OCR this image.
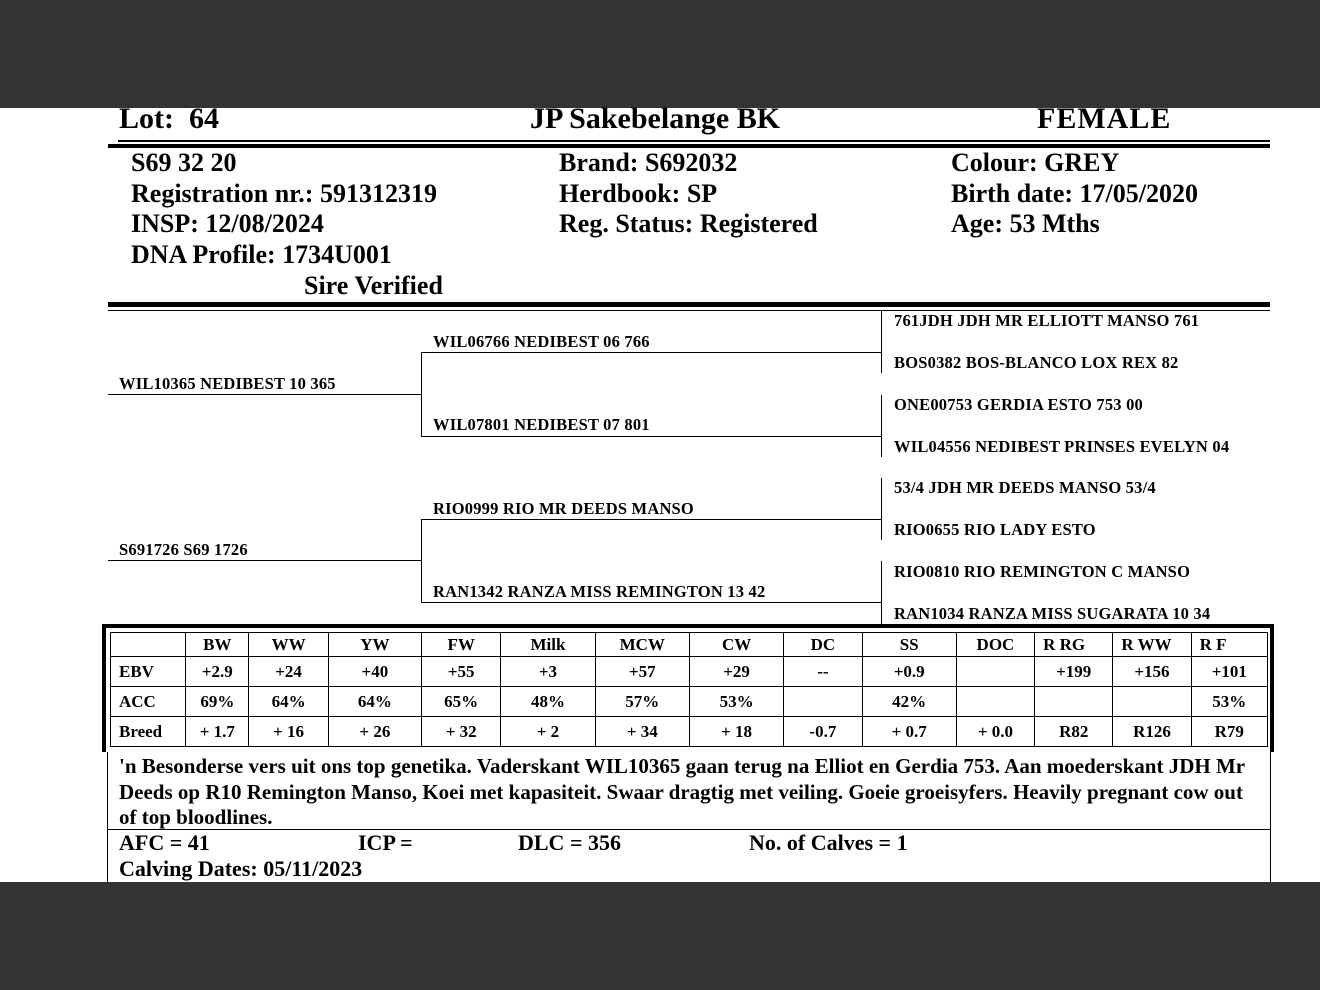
Lot: 64	JP Sakebelange BK	FEMALE
S69 32 20
Registration nr.: 591312319
INSP: 12/08/2024
DNA Profile: 1734U001
Sire Verified
Brand: S692032
Herdbook: SP
Reg. Status: Registered
Colour: GREY
Birth date: 17/05/2020
Age: 53 Mths
WIL10365 NEDIBEST 10 365
S691726 S69 1726
WIL06766 NEDIBEST 06 766
WIL07801 NEDIBEST 07 801
RIO0999 RIO MR DEEDS MANSO
RAN1342 RANZA MISS REMINGTON 13 42
761JDH JDH MR ELLIOTT MANSO 761
BOS0382 BOS-BLANCO LOX REX 82
ONE00753 GERDIA ESTO 753 00
WIL04556 NEDIBEST PRINSES EVELYN 04
53/4 JDH MR DEEDS MANSO 53/4
RIO0655 RIO LADY ESTO
RIO0810 RIO REMINGTON C MANSO
RAN1034 RANZA MISS SUGARATA 10 34
	BW	WW	YW	FW	Milk	MCW	CW	DC	SS	DOC	R RG	R WW	R F
EBV	+2.9	+24	+40	+55	+3	+57	+29	--	+0.9		+199	+156	+101
ACC	69%	64%	64%	65%	48%	57%	53%		42%				53%
Breed	+ 1.7	+ 16	+ 26	+ 32	+ 2	+ 34	+ 18	-0.7	+ 0.7	+ 0.0	R82	R126	R79
'n Besonderse vers uit ons top genetika. Vaderskant WIL10365 gaan terug na Elliot en Gerdia 753. Aan moederskant JDH Mr Deeds op R10 Remington Manso, Koei met kapasiteit. Swaar dragtig met veiling. Goeie groeisyfers. Heavily pregnant cow out of top bloodlines.
AFC = 41	ICP =	DLC = 356	No. of Calves = 1
Calving Dates: 05/11/2023
